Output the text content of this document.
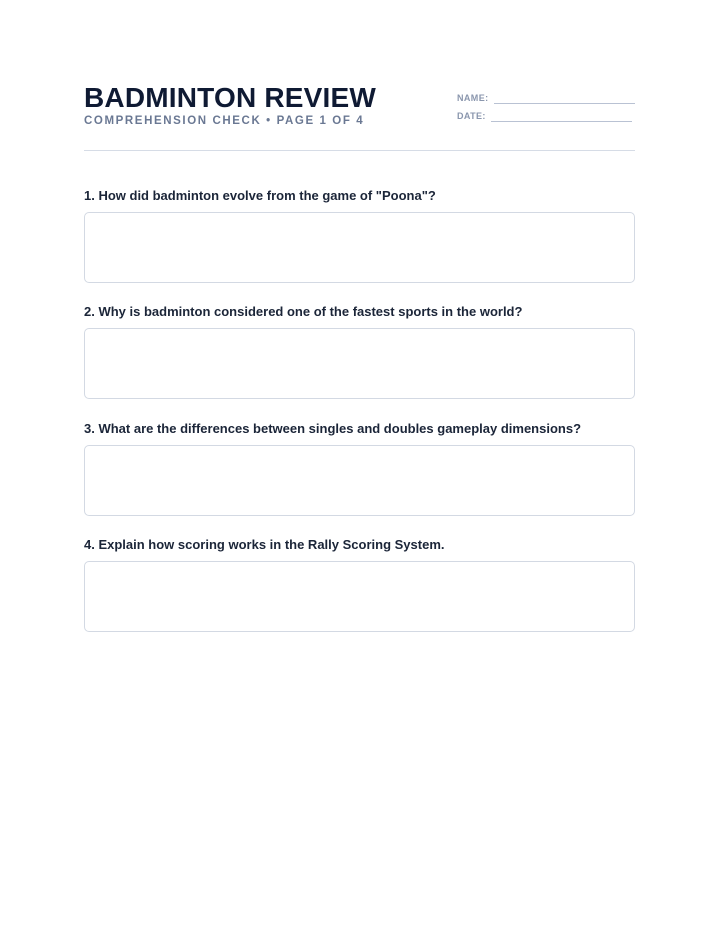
BADMINTON REVIEW
COMPREHENSION CHECK • PAGE 1 OF 4
NAME:
DATE:
1. How did badminton evolve from the game of "Poona"?
2. Why is badminton considered one of the fastest sports in the world?
3. What are the differences between singles and doubles gameplay dimensions?
4. Explain how scoring works in the Rally Scoring System.
